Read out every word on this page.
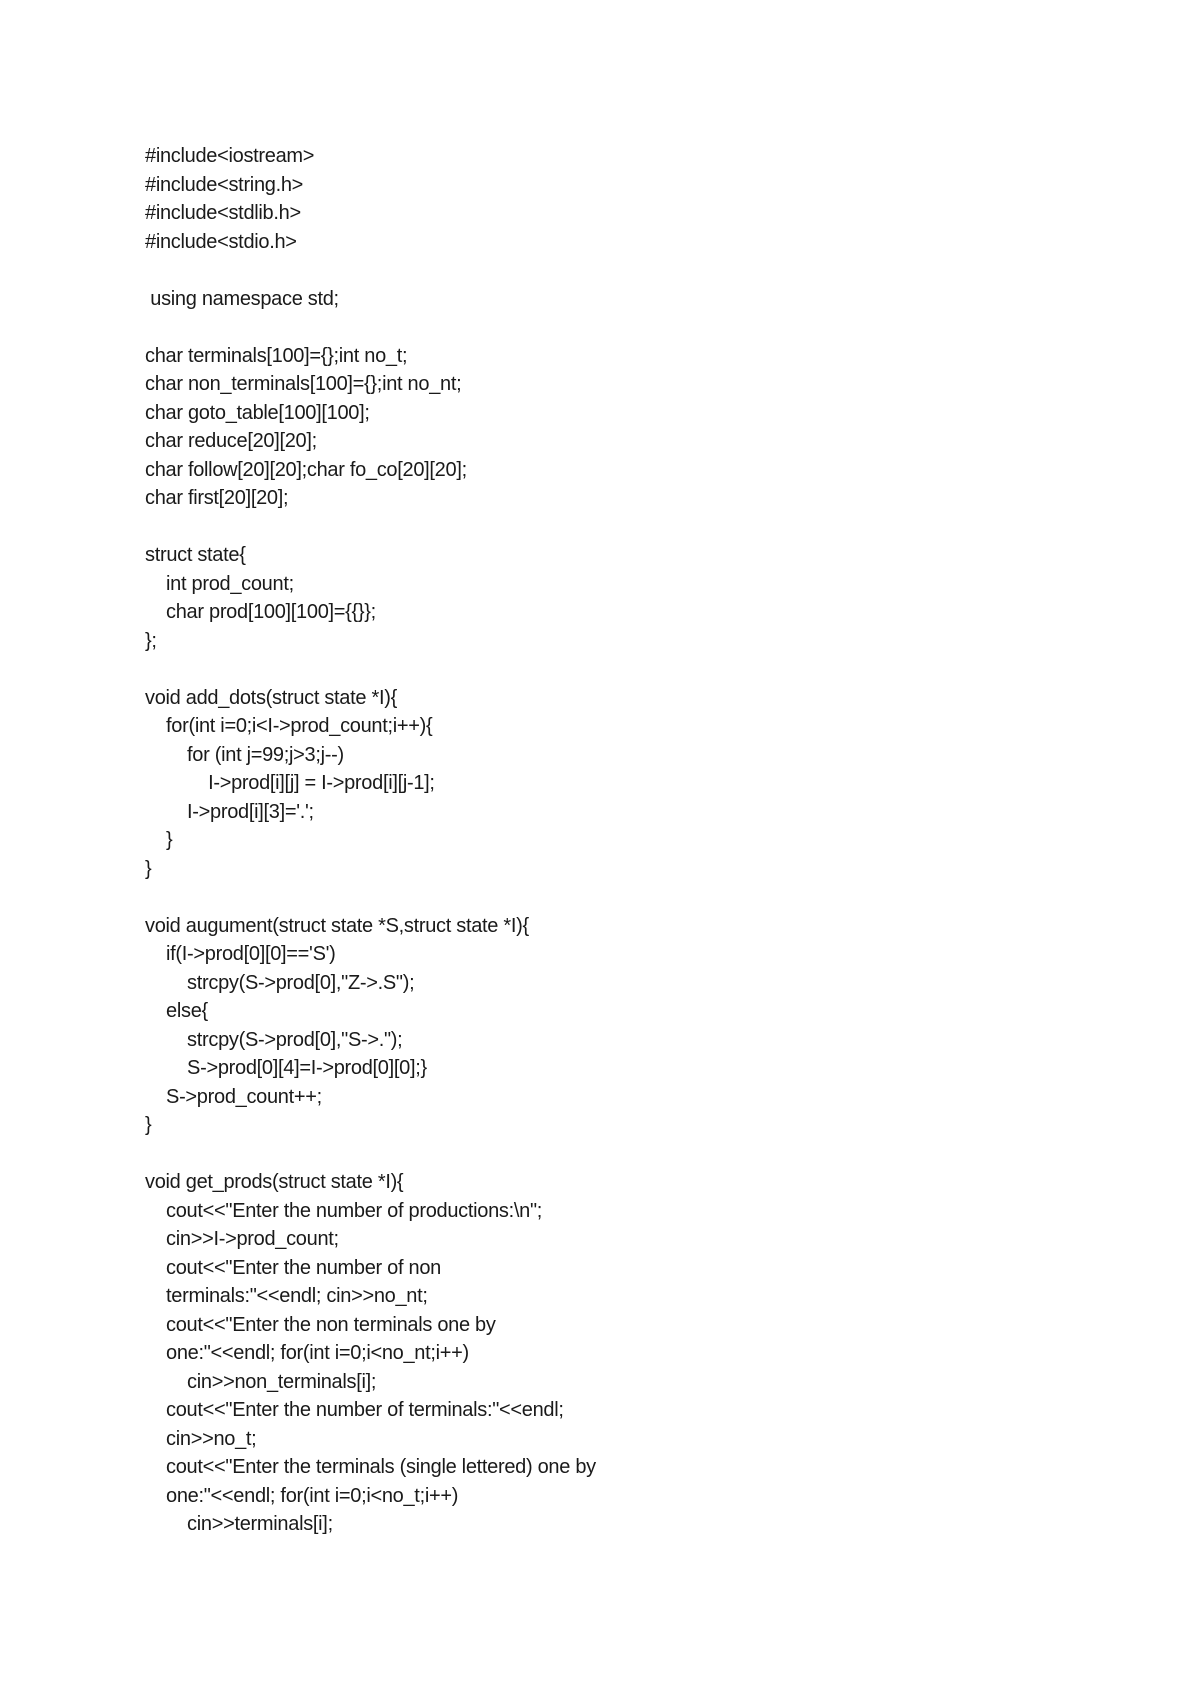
#include<iostream>
#include<string.h>
#include<stdlib.h>
#include<stdio.h>
using namespace std;
char terminals[100]={};int no_t;
char non_terminals[100]={};int no_nt;
char goto_table[100][100];
char reduce[20][20];
char follow[20][20];char fo_co[20][20];
char first[20][20];
struct state{
int prod_count;
char prod[100][100]={{}};
};
void add_dots(struct state *I){
for(int i=0;i<I->prod_count;i++){
for (int j=99;j>3;j--)
I->prod[i][j] = I->prod[i][j-1];
I->prod[i][3]='.';
}
}
void augument(struct state *S,struct state *I){
if(I->prod[0][0]=='S')
strcpy(S->prod[0],"Z->.S");
else{
strcpy(S->prod[0],"S->.");
S->prod[0][4]=I->prod[0][0];}
S->prod_count++;
}
void get_prods(struct state *I){
cout<<"Enter the number of productions:\n";
cin>>I->prod_count;
cout<<"Enter the number of non
terminals:"<<endl; cin>>no_nt;
cout<<"Enter the non terminals one by
one:"<<endl; for(int i=0;i<no_nt;i++)
cin>>non_terminals[i];
cout<<"Enter the number of terminals:"<<endl;
cin>>no_t;
cout<<"Enter the terminals (single lettered) one by
one:"<<endl; for(int i=0;i<no_t;i++)
cin>>terminals[i];
